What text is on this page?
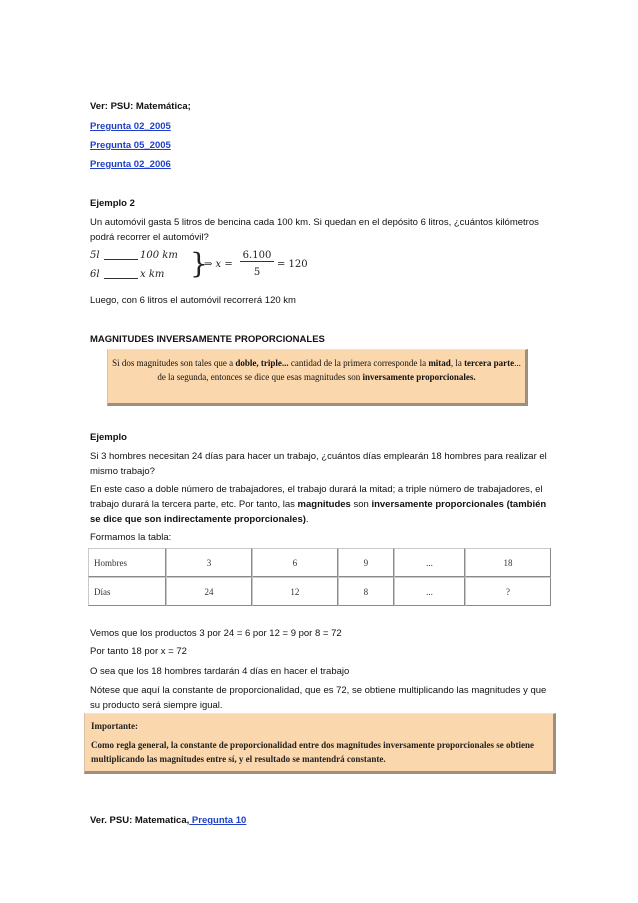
Ver: PSU: Matemática;
Pregunta 02_2005
Pregunta 05_2005
Pregunta 02_2006
Ejemplo 2

Un automóvil gasta 5 litros de bencina cada 100 km. Si quedan en el depósito 6 litros, ¿cuántos kilómetros podrá recorrer el automóvil?

5l	100 km
6l	x km }
⇒ x =
6.100
5
= 120

Luego, con 6 litros el automóvil recorrerá 120 km

MAGNITUDES INVERSAMENTE PROPORCIONALES
Si dos magnitudes son tales que a doble, triple... cantidad de la primera corresponde la mitad, la tercera parte... de la segunda, entonces se dice que esas magnitudes son inversamente proporcionales.
Ejemplo

Si 3 hombres necesitan 24 días para hacer un trabajo, ¿cuántos días emplearán 18 hombres para realizar el mismo trabajo?

En este caso a doble número de trabajadores, el trabajo durará la mitad; a triple número de trabajadores, el trabajo durará la tercera parte, etc. Por tanto, las magnitudes son inversamente proporcionales (también se dice que son indirectamente proporcionales).

Formamos la tabla:

Hombres	3	6	9	...	18
Días	24	12	8	...	?

Vemos que los productos 3 por 24 = 6 por 12 = 9 por 8 = 72

Por tanto 18 por x = 72

O sea que los 18 hombres tardarán 4 días en hacer el trabajo

Nótese que aquí la constante de proporcionalidad, que es 72, se obtiene multiplicando las magnitudes y que su producto será siempre igual.

Importante:
Como regla general, la constante de proporcionalidad entre dos magnitudes inversamente proporcionales se obtiene multiplicando las magnitudes entre sí, y el resultado se mantendrá constante.
Ver. PSU: Matematica, Pregunta 10
